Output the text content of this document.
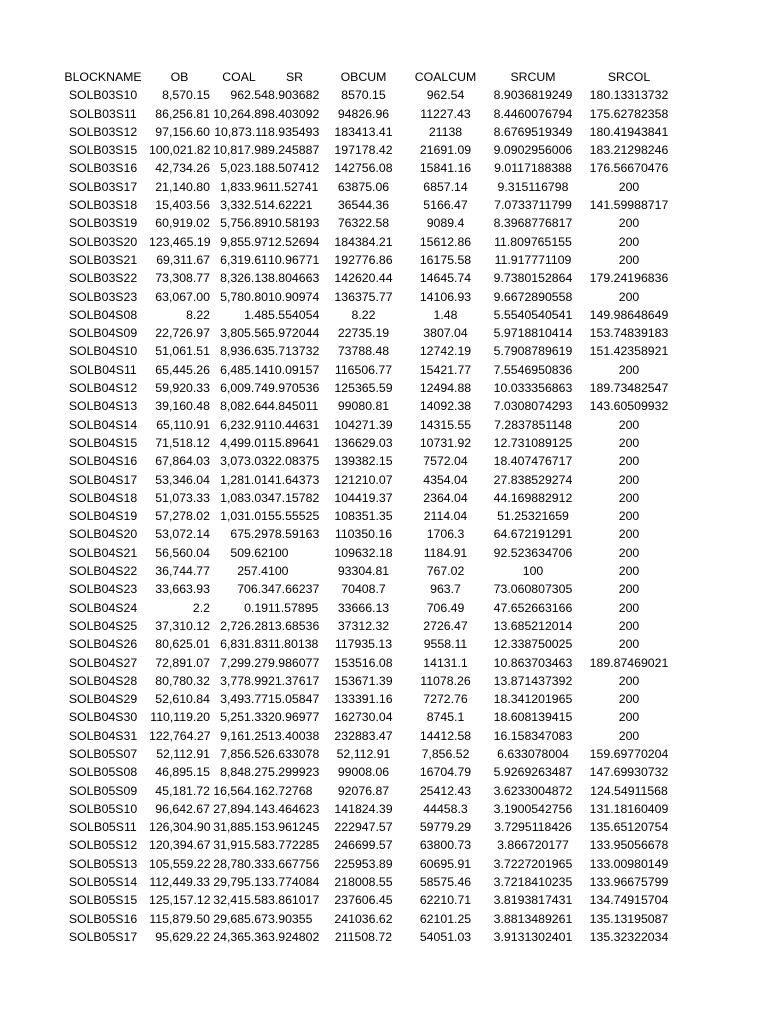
BLOCKNAME	OB	COAL	SR	OBCUM	COALCUM	SRCUM	SRCOL
SOLB03S10	8,570.15	962.54	8.903682	8570.15	962.54	8.9036819249	180.13313732
SOLB03S11	86,256.81	10,264.89	8.403092	94826.96	11227.43	8.4460076794	175.62782358
SOLB03S12	97,156.60	10,873.11	8.935493	183413.41	21138	8.6769519349	180.41943841
SOLB03S15	100,021.82	10,817.98	9.245887	197178.42	21691.09	9.0902956006	183.21298246
SOLB03S16	42,734.26	5,023.18	8.507412	142756.08	15841.16	9.0117188388	176.56670476
SOLB03S17	21,140.80	1,833.96	11.52741	63875.06	6857.14	9.315116798	200
SOLB03S18	15,403.56	3,332.51	4.62221	36544.36	5166.47	7.0733711799	141.59988717
SOLB03S19	60,919.02	5,756.89	10.58193	76322.58	9089.4	8.3968776817	200
SOLB03S20	123,465.19	9,855.97	12.52694	184384.21	15612.86	11.809765155	200
SOLB03S21	69,311.67	6,319.61	10.96771	192776.86	16175.58	11.917771109	200
SOLB03S22	73,308.77	8,326.13	8.804663	142620.44	14645.74	9.7380152864	179.24196836
SOLB03S23	63,067.00	5,780.80	10.90974	136375.77	14106.93	9.6672890558	200
SOLB04S08	8.22	1.48	5.554054	8.22	1.48	5.5540540541	149.98648649
SOLB04S09	22,726.97	3,805.56	5.972044	22735.19	3807.04	5.9718810414	153.74839183
SOLB04S10	51,061.51	8,936.63	5.713732	73788.48	12742.19	5.7908789619	151.42358921
SOLB04S11	65,445.26	6,485.14	10.09157	116506.77	15421.77	7.5546950836	200
SOLB04S12	59,920.33	6,009.74	9.970536	125365.59	12494.88	10.033356863	189.73482547
SOLB04S13	39,160.48	8,082.64	4.845011	99080.81	14092.38	7.0308074293	143.60509932
SOLB04S14	65,110.91	6,232.91	10.44631	104271.39	14315.55	7.2837851148	200
SOLB04S15	71,518.12	4,499.01	15.89641	136629.03	10731.92	12.731089125	200
SOLB04S16	67,864.03	3,073.03	22.08375	139382.15	7572.04	18.407476717	200
SOLB04S17	53,346.04	1,281.01	41.64373	121210.07	4354.04	27.838529274	200
SOLB04S18	51,073.33	1,083.03	47.15782	104419.37	2364.04	44.169882912	200
SOLB04S19	57,278.02	1,031.01	55.55525	108351.35	2114.04	51.25321659	200
SOLB04S20	53,072.14	675.29	78.59163	110350.16	1706.3	64.672191291	200
SOLB04S21	56,560.04	509.62	100	109632.18	1184.91	92.523634706	200
SOLB04S22	36,744.77	257.4	100	93304.81	767.02	100	200
SOLB04S23	33,663.93	706.3	47.66237	70408.7	963.7	73.060807305	200
SOLB04S24	2.2	0.19	11.57895	33666.13	706.49	47.652663166	200
SOLB04S25	37,310.12	2,726.28	13.68536	37312.32	2726.47	13.685212014	200
SOLB04S26	80,625.01	6,831.83	11.80138	117935.13	9558.11	12.338750025	200
SOLB04S27	72,891.07	7,299.27	9.986077	153516.08	14131.1	10.863703463	189.87469021
SOLB04S28	80,780.32	3,778.99	21.37617	153671.39	11078.26	13.871437392	200
SOLB04S29	52,610.84	3,493.77	15.05847	133391.16	7272.76	18.341201965	200
SOLB04S30	110,119.20	5,251.33	20.96977	162730.04	8745.1	18.608139415	200
SOLB04S31	122,764.27	9,161.25	13.40038	232883.47	14412.58	16.158347083	200
SOLB05S07	52,112.91	7,856.52	6.633078	52,112.91	7,856.52	6.633078004	159.69770204
SOLB05S08	46,895.15	8,848.27	5.299923	99008.06	16704.79	5.9269263487	147.69930732
SOLB05S09	45,181.72	16,564.16	2.72768	92076.87	25412.43	3.6233004872	124.54911568
SOLB05S10	96,642.67	27,894.14	3.464623	141824.39	44458.3	3.1900542756	131.18160409
SOLB05S11	126,304.90	31,885.15	3.961245	222947.57	59779.29	3.7295118426	135.65120754
SOLB05S12	120,394.67	31,915.58	3.772285	246699.57	63800.73	3.866720177	133.95056678
SOLB05S13	105,559.22	28,780.33	3.667756	225953.89	60695.91	3.7227201965	133.00980149
SOLB05S14	112,449.33	29,795.13	3.774084	218008.55	58575.46	3.7218410235	133.96675799
SOLB05S15	125,157.12	32,415.58	3.861017	237606.45	62210.71	3.8193817431	134.74915704
SOLB05S16	115,879.50	29,685.67	3.90355	241036.62	62101.25	3.8813489261	135.13195087
SOLB05S17	95,629.22	24,365.36	3.924802	211508.72	54051.03	3.9131302401	135.32322034
